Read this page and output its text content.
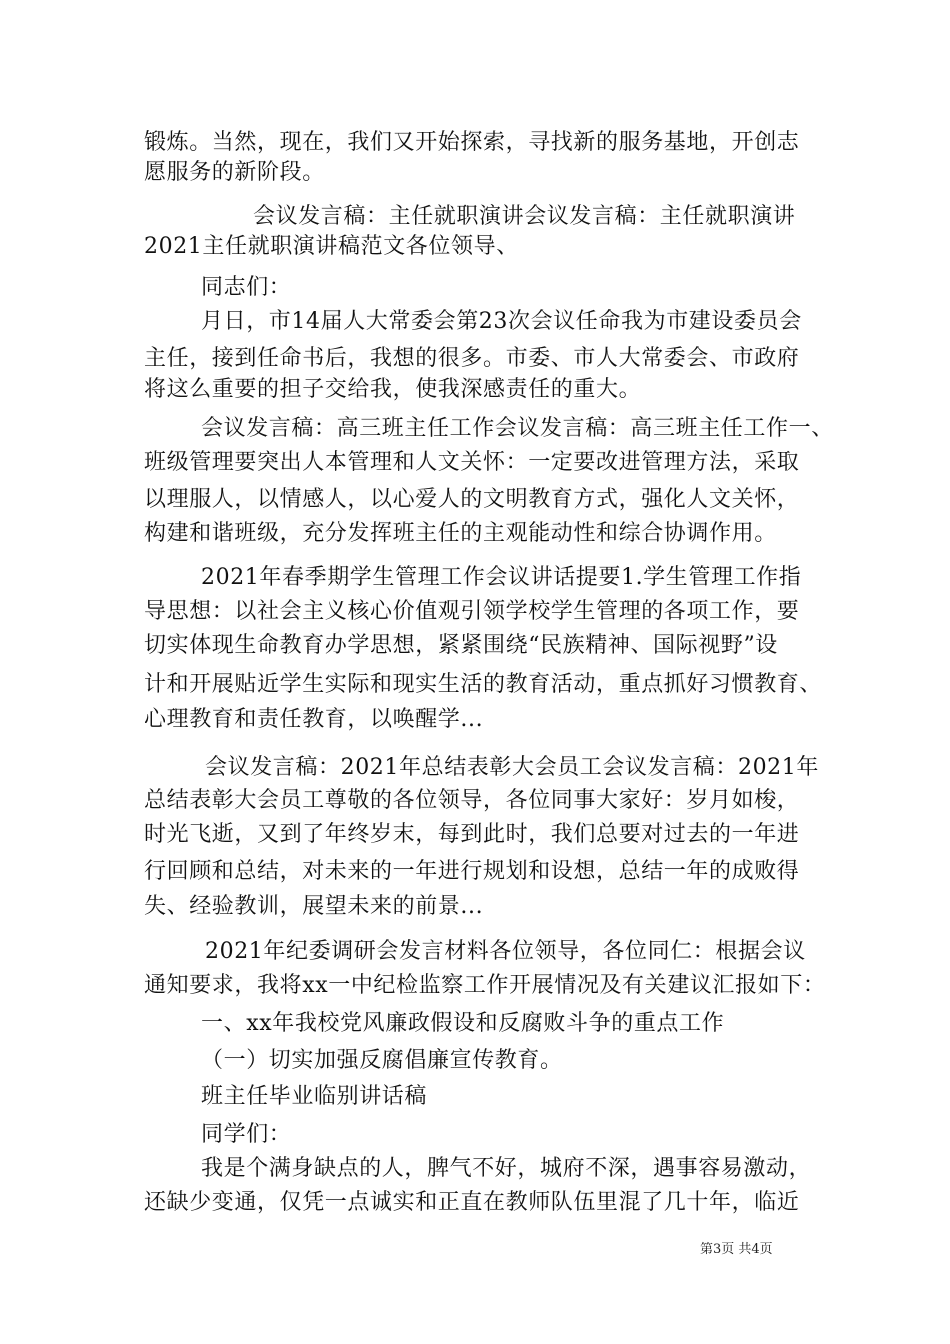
锻炼。当然，现在，我们又开始探索，寻找新的服务基地，开创志
愿服务的新阶段。
会议发言稿：主任就职演讲会议发言稿：主任就职演讲
2021主任就职演讲稿范文各位领导、
同志们：
月日，市14届人大常委会第23次会议任命我为市建设委员会
主任，接到任命书后，我想的很多。市委、市人大常委会、市政府
将这么重要的担子交给我，使我深感责任的重大。
会议发言稿：高三班主任工作会议发言稿：高三班主任工作一、
班级管理要突出人本管理和人文关怀：一定要改进管理方法，采取
以理服人，以情感人，以心爱人的文明教育方式，强化人文关怀，
构建和谐班级，充分发挥班主任的主观能动性和综合协调作用。
2021年春季期学生管理工作会议讲话提要1.学生管理工作指
导思想：以社会主义核心价值观引领学校学生管理的各项工作，要
切实体现生命教育办学思想，紧紧围绕“民族精神、国际视野”设
计和开展贴近学生实际和现实生活的教育活动，重点抓好习惯教育、
心理教育和责任教育，以唤醒学...
会议发言稿：2021年总结表彰大会员工会议发言稿：2021年
总结表彰大会员工尊敬的各位领导，各位同事大家好：岁月如梭，
时光飞逝，又到了年终岁末，每到此时，我们总要对过去的一年进
行回顾和总结，对未来的一年进行规划和设想，总结一年的成败得
失、经验教训，展望未来的前景...
2021年纪委调研会发言材料各位领导，各位同仁：根据会议
通知要求，我将xx一中纪检监察工作开展情况及有关建议汇报如下：
一、xx年我校党风廉政假设和反腐败斗争的重点工作
（一）切实加强反腐倡廉宣传教育。
班主任毕业临别讲话稿
同学们：
我是个满身缺点的人，脾气不好，城府不深，遇事容易激动，
还缺少变通，仅凭一点诚实和正直在教师队伍里混了几十年，临近
第3页 共4页
